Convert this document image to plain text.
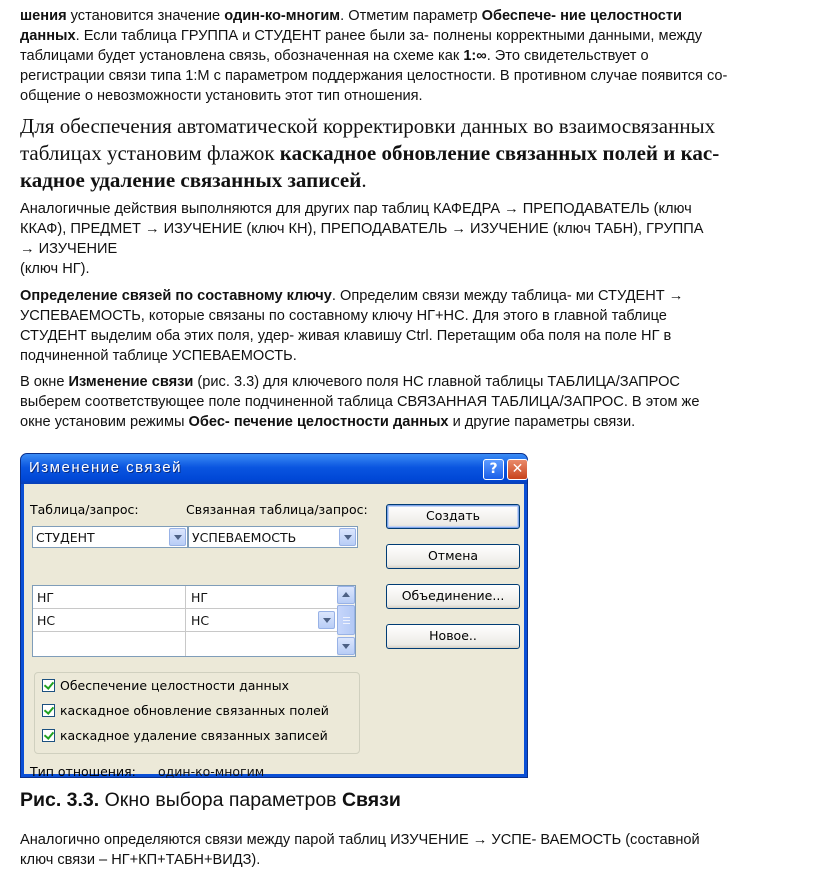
шения установится значение один-ко-многим. Отметим параметр Обеспече- ние целостности
данных. Если таблица ГРУППА и СТУДЕНТ ранее были за- полнены корректными данными, между
таблицами будет установлена связь, обозначенная на схеме как 1:∞. Это свидетельствует о
регистрации связи типа 1:М с параметром поддержания целостности. В противном случае появится со-
общение о невозможности установить этот тип отношения.
Для обеспечения автоматической корректировки данных во взаимосвязанных
таблицах установим флажок каскадное обновление связанных полей и кас-
кадное удаление связанных записей.
Аналогичные действия выполняются для других пар таблиц КАФЕДРА → ПРЕПОДАВАТЕЛЬ (ключ
ККАФ), ПРЕДМЕТ → ИЗУЧЕНИЕ (ключ КН), ПРЕПОДАВАТЕЛЬ → ИЗУЧЕНИЕ (ключ ТАБН), ГРУППА
→ ИЗУЧЕНИЕ
(ключ НГ).
Определение связей по составному ключу. Определим связи между таблица- ми СТУДЕНТ →
УСПЕВАЕМОСТЬ, которые связаны по составному ключу НГ+НС. Для этого в главной таблице
СТУДЕНТ выделим оба этих поля, удер- живая клавишу Ctrl. Перетащим оба поля на поле НГ в
подчиненной таблице УСПЕВАЕМОСТЬ.
В окне Изменение связи (рис. 3.3) для ключевого поля НС главной таблицы ТАБЛИЦА/ЗАПРОС
выберем соответствующее поле подчиненной таблица СВЯЗАННАЯ ТАБЛИЦА/ЗАПРОС. В этом же
окне установим режимы Обес- печение целостности данных и другие параметры связи.
Изменение связей	?	✕
Таблица/запрос:	Связанная таблица/запрос:
СТУДЕНТ	УСПЕВАЕМОСТЬ
НГ	НГ
НС	НС
Обеспечение целостности данных
каскадное обновление связанных полей
каскадное удаление связанных записей
Тип отношения: один-ко-многим
Создать
Отмена
Объединение...
Новое..
Рис. 3.3. Окно выбора параметров Связи
Аналогично определяются связи между парой таблиц ИЗУЧЕНИЕ → УСПЕ- ВАЕМОСТЬ (составной
ключ связи – НГ+КП+ТАБН+ВИДЗ).
